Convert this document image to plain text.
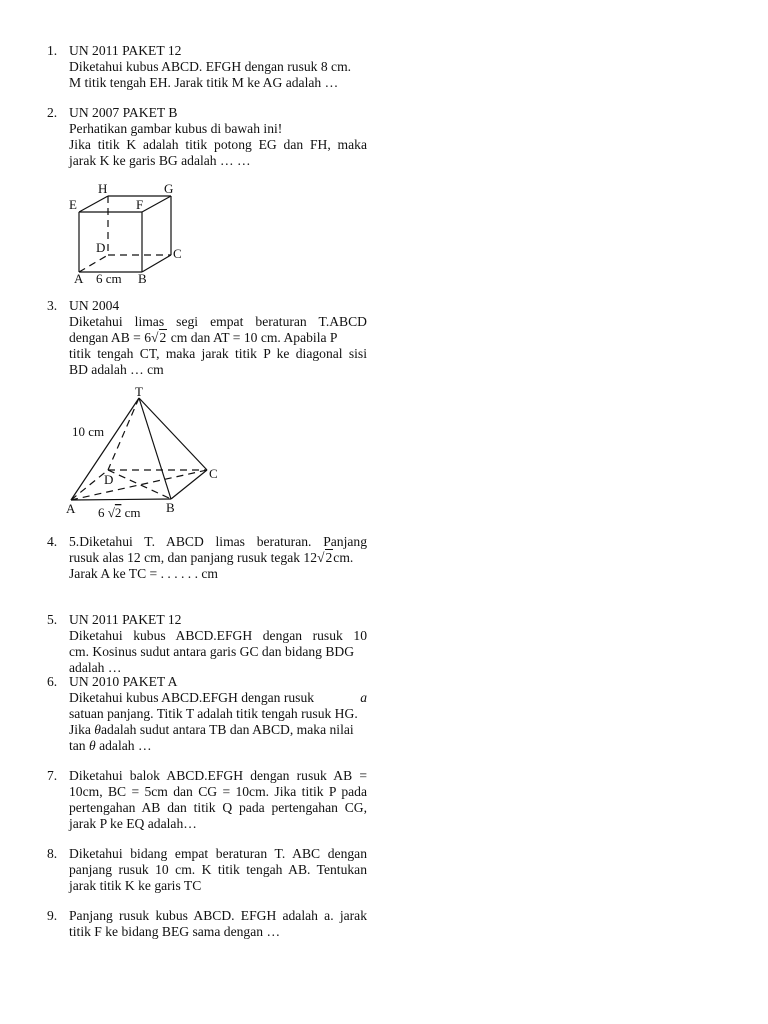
1. UN 2011 PAKET 12
Diketahui kubus ABCD. EFGH dengan rusuk 8 cm.
M titik tengah EH. Jarak titik M ke AG adalah …
2. UN 2007 PAKET B
Perhatikan gambar kubus di bawah ini!
Jika titik K adalah titik potong EG dan FH, maka
jarak K ke garis BG adalah … …
H	G
E	F
D	C
A	B
6 cm
3. UN 2004
Diketahui limas segi empat beraturan T.ABCD
dengan AB = 6√2 cm dan AT = 10 cm. Apabila P
titik tengah CT, maka jarak titik P ke diagonal sisi
BD adalah … cm
T
10 cm
C
D
A	B
6 √2 cm
4. 5.Diketahui T. ABCD limas beraturan. Panjang
rusuk alas 12 cm, dan panjang rusuk tegak 12√2cm.
Jarak A ke TC = . . . . . . cm
5. UN 2011 PAKET 12
Diketahui kubus ABCD.EFGH dengan rusuk 10
cm. Kosinus sudut antara garis GC dan bidang BDG
adalah …
6. UN 2010 PAKET A
Diketahui kubus ABCD.EFGH dengan rusuk	a
satuan panjang. Titik T adalah titik tengah rusuk HG.
Jika θadalah sudut antara TB dan ABCD, maka nilai
tan θ adalah …
7. Diketahui balok ABCD.EFGH dengan rusuk AB =
10cm, BC = 5cm dan CG = 10cm. Jika titik P pada
pertengahan AB dan titik Q pada pertengahan CG,
jarak P ke EQ adalah…
8. Diketahui bidang empat beraturan T. ABC dengan
panjang rusuk 10 cm. K titik tengah AB. Tentukan
jarak titik K ke garis TC
9. Panjang rusuk kubus ABCD. EFGH adalah a. jarak
titik F ke bidang BEG sama dengan …
